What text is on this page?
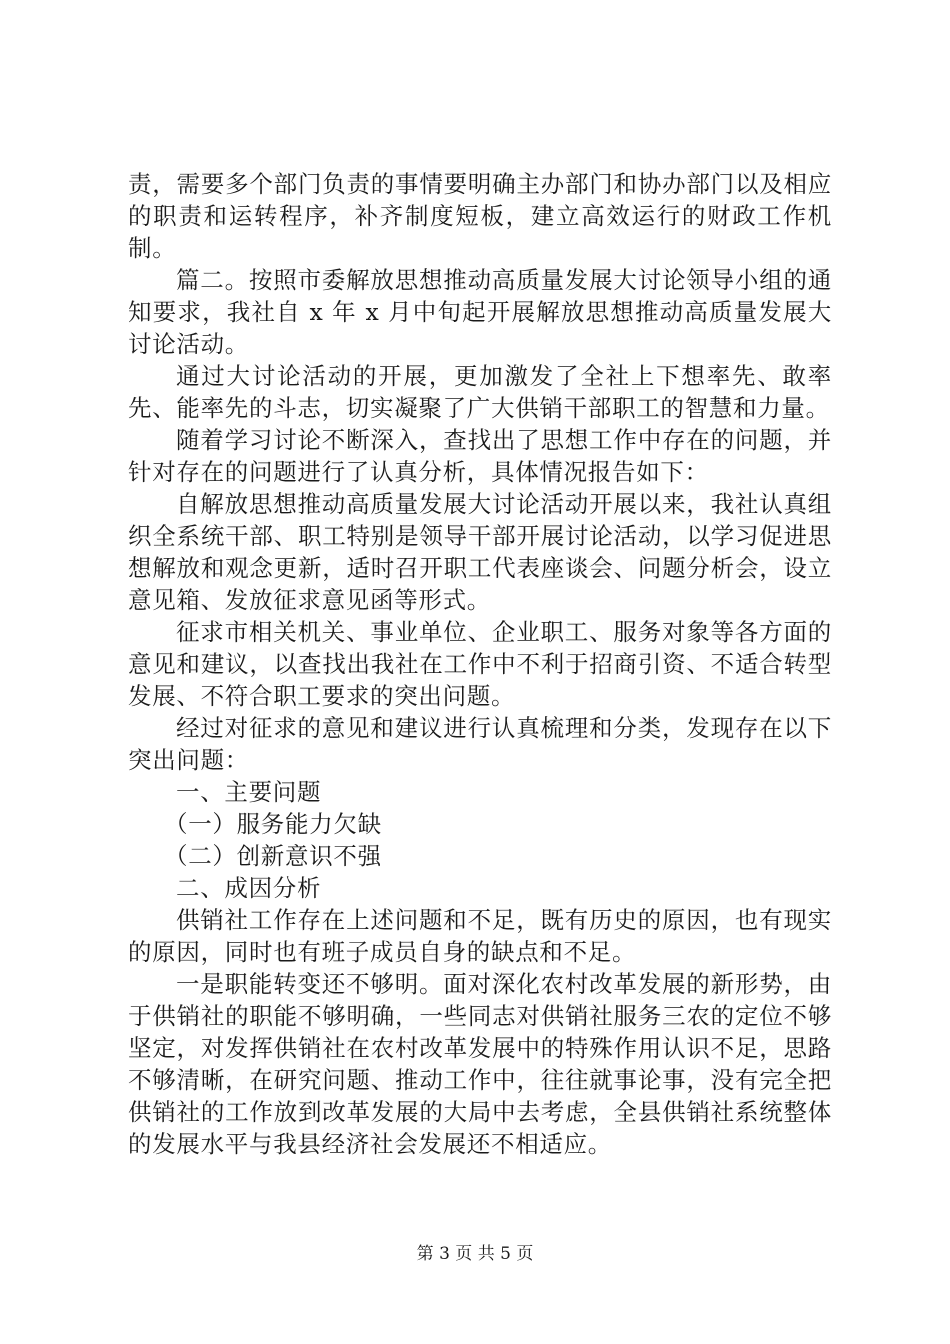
责，需要多个部门负责的事情要明确主办部门和协办部门以及相应的职责和运转程序，补齐制度短板，建立高效运行的财政工作机制。

篇二。按照市委解放思想推动高质量发展大讨论领导小组的通知要求，我社自 x 年 x 月中旬起开展解放思想推动高质量发展大讨论活动。

通过大讨论活动的开展，更加激发了全社上下想率先、敢率先、能率先的斗志，切实凝聚了广大供销干部职工的智慧和力量。

随着学习讨论不断深入，查找出了思想工作中存在的问题，并针对存在的问题进行了认真分析，具体情况报告如下：

自解放思想推动高质量发展大讨论活动开展以来，我社认真组织全系统干部、职工特别是领导干部开展讨论活动，以学习促进思想解放和观念更新，适时召开职工代表座谈会、问题分析会，设立意见箱、发放征求意见函等形式。

征求市相关机关、事业单位、企业职工、服务对象等各方面的意见和建议，以查找出我社在工作中不利于招商引资、不适合转型发展、不符合职工要求的突出问题。

经过对征求的意见和建议进行认真梳理和分类，发现存在以下突出问题：

一、主要问题

（一）服务能力欠缺

（二）创新意识不强

二、成因分析

供销社工作存在上述问题和不足，既有历史的原因，也有现实的原因，同时也有班子成员自身的缺点和不足。

一是职能转变还不够明。面对深化农村改革发展的新形势，由于供销社的职能不够明确，一些同志对供销社服务三农的定位不够坚定，对发挥供销社在农村改革发展中的特殊作用认识不足，思路不够清晰，在研究问题、推动工作中，往往就事论事，没有完全把供销社的工作放到改革发展的大局中去考虑，全县供销社系统整体的发展水平与我县经济社会发展还不相适应。

第 3 页 共 5 页
